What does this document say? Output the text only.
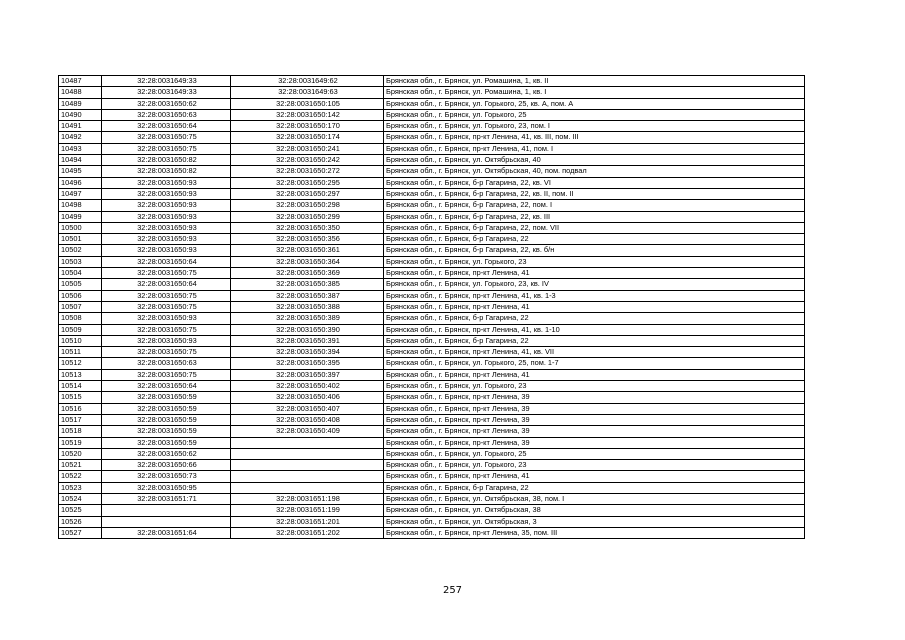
10487	32:28:0031649:33	32:28:0031649:62	Брянская обл., г. Брянск, ул. Ромашина, 1, кв. II
10488	32:28:0031649:33	32:28:0031649:63	Брянская обл., г. Брянск, ул. Ромашина, 1, кв. I
10489	32:28:0031650:62	32:28:0031650:105	Брянская обл., г. Брянск, ул. Горького, 25, кв. А, пом. А
10490	32:28:0031650:63	32:28:0031650:142	Брянская обл., г. Брянск, ул. Горького, 25
10491	32:28:0031650:64	32:28:0031650:170	Брянская обл., г. Брянск, ул. Горького, 23, пом. I
10492	32:28:0031650:75	32:28:0031650:174	Брянская обл., г. Брянск, пр-кт Ленина, 41, кв. III, пом. III
10493	32:28:0031650:75	32:28:0031650:241	Брянская обл., г. Брянск, пр-кт Ленина, 41, пом. I
10494	32:28:0031650:82	32:28:0031650:242	Брянская обл., г. Брянск, ул. Октябрьская, 40
10495	32:28:0031650:82	32:28:0031650:272	Брянская обл., г. Брянск, ул. Октябрьская, 40, пом. подвал
10496	32:28:0031650:93	32:28:0031650:295	Брянская обл., г. Брянск, б-р Гагарина, 22, кв. VI
10497	32:28:0031650:93	32:28:0031650:297	Брянская обл., г. Брянск, б-р Гагарина, 22, кв. II, пом. II
10498	32:28:0031650:93	32:28:0031650:298	Брянская обл., г. Брянск, б-р Гагарина, 22, пом. I
10499	32:28:0031650:93	32:28:0031650:299	Брянская обл., г. Брянск, б-р Гагарина, 22, кв. III
10500	32:28:0031650:93	32:28:0031650:350	Брянская обл., г. Брянск, б-р Гагарина, 22, пом. VII
10501	32:28:0031650:93	32:28:0031650:356	Брянская обл., г. Брянск, б-р Гагарина, 22
10502	32:28:0031650:93	32:28:0031650:361	Брянская обл., г. Брянск, б-р Гагарина, 22, кв. б/н
10503	32:28:0031650:64	32:28:0031650:364	Брянская обл., г. Брянск, ул. Горького, 23
10504	32:28:0031650:75	32:28:0031650:369	Брянская обл., г. Брянск, пр-кт Ленина, 41
10505	32:28:0031650:64	32:28:0031650:385	Брянская обл., г. Брянск, ул. Горького, 23, кв. IV
10506	32:28:0031650:75	32:28:0031650:387	Брянская обл., г. Брянск, пр-кт Ленина, 41, кв. 1-3
10507	32:28:0031650:75	32:28:0031650:388	Брянская обл., г. Брянск, пр-кт Ленина, 41
10508	32:28:0031650:93	32:28:0031650:389	Брянская обл., г. Брянск, б-р Гагарина, 22
10509	32:28:0031650:75	32:28:0031650:390	Брянская обл., г. Брянск, пр-кт Ленина, 41, кв. 1-10
10510	32:28:0031650:93	32:28:0031650:391	Брянская обл., г. Брянск, б-р Гагарина, 22
10511	32:28:0031650:75	32:28:0031650:394	Брянская обл., г. Брянск, пр-кт Ленина, 41, кв. VII
10512	32:28:0031650:63	32:28:0031650:395	Брянская обл., г. Брянск, ул. Горького, 25, пом. 1-7
10513	32:28:0031650:75	32:28:0031650:397	Брянская обл., г. Брянск, пр-кт Ленина, 41
10514	32:28:0031650:64	32:28:0031650:402	Брянская обл., г. Брянск, ул. Горького, 23
10515	32:28:0031650:59	32:28:0031650:406	Брянская обл., г. Брянск, пр-кт Ленина, 39
10516	32:28:0031650:59	32:28:0031650:407	Брянская обл., г. Брянск, пр-кт Ленина, 39
10517	32:28:0031650:59	32:28:0031650:408	Брянская обл., г. Брянск, пр-кт Ленина, 39
10518	32:28:0031650:59	32:28:0031650:409	Брянская обл., г. Брянск, пр-кт Ленина, 39
10519	32:28:0031650:59		Брянская обл., г. Брянск, пр-кт Ленина, 39
10520	32:28:0031650:62		Брянская обл., г. Брянск, ул. Горького, 25
10521	32:28:0031650:66		Брянская обл., г. Брянск, ул. Горького, 23
10522	32:28:0031650:73		Брянская обл., г. Брянск, пр-кт Ленина, 41
10523	32:28:0031650:95		Брянская обл., г. Брянск, б-р Гагарина, 22
10524	32:28:0031651:71	32:28:0031651:198	Брянская обл., г. Брянск, ул. Октябрьская, 38, пом. I
10525		32:28:0031651:199	Брянская обл., г. Брянск, ул. Октябрьская, 38
10526		32:28:0031651:201	Брянская обл., г. Брянск, ул. Октябрьская, 3
10527	32:28:0031651:64	32:28:0031651:202	Брянская обл., г. Брянск, пр-кт Ленина, 35, пом. III
257
